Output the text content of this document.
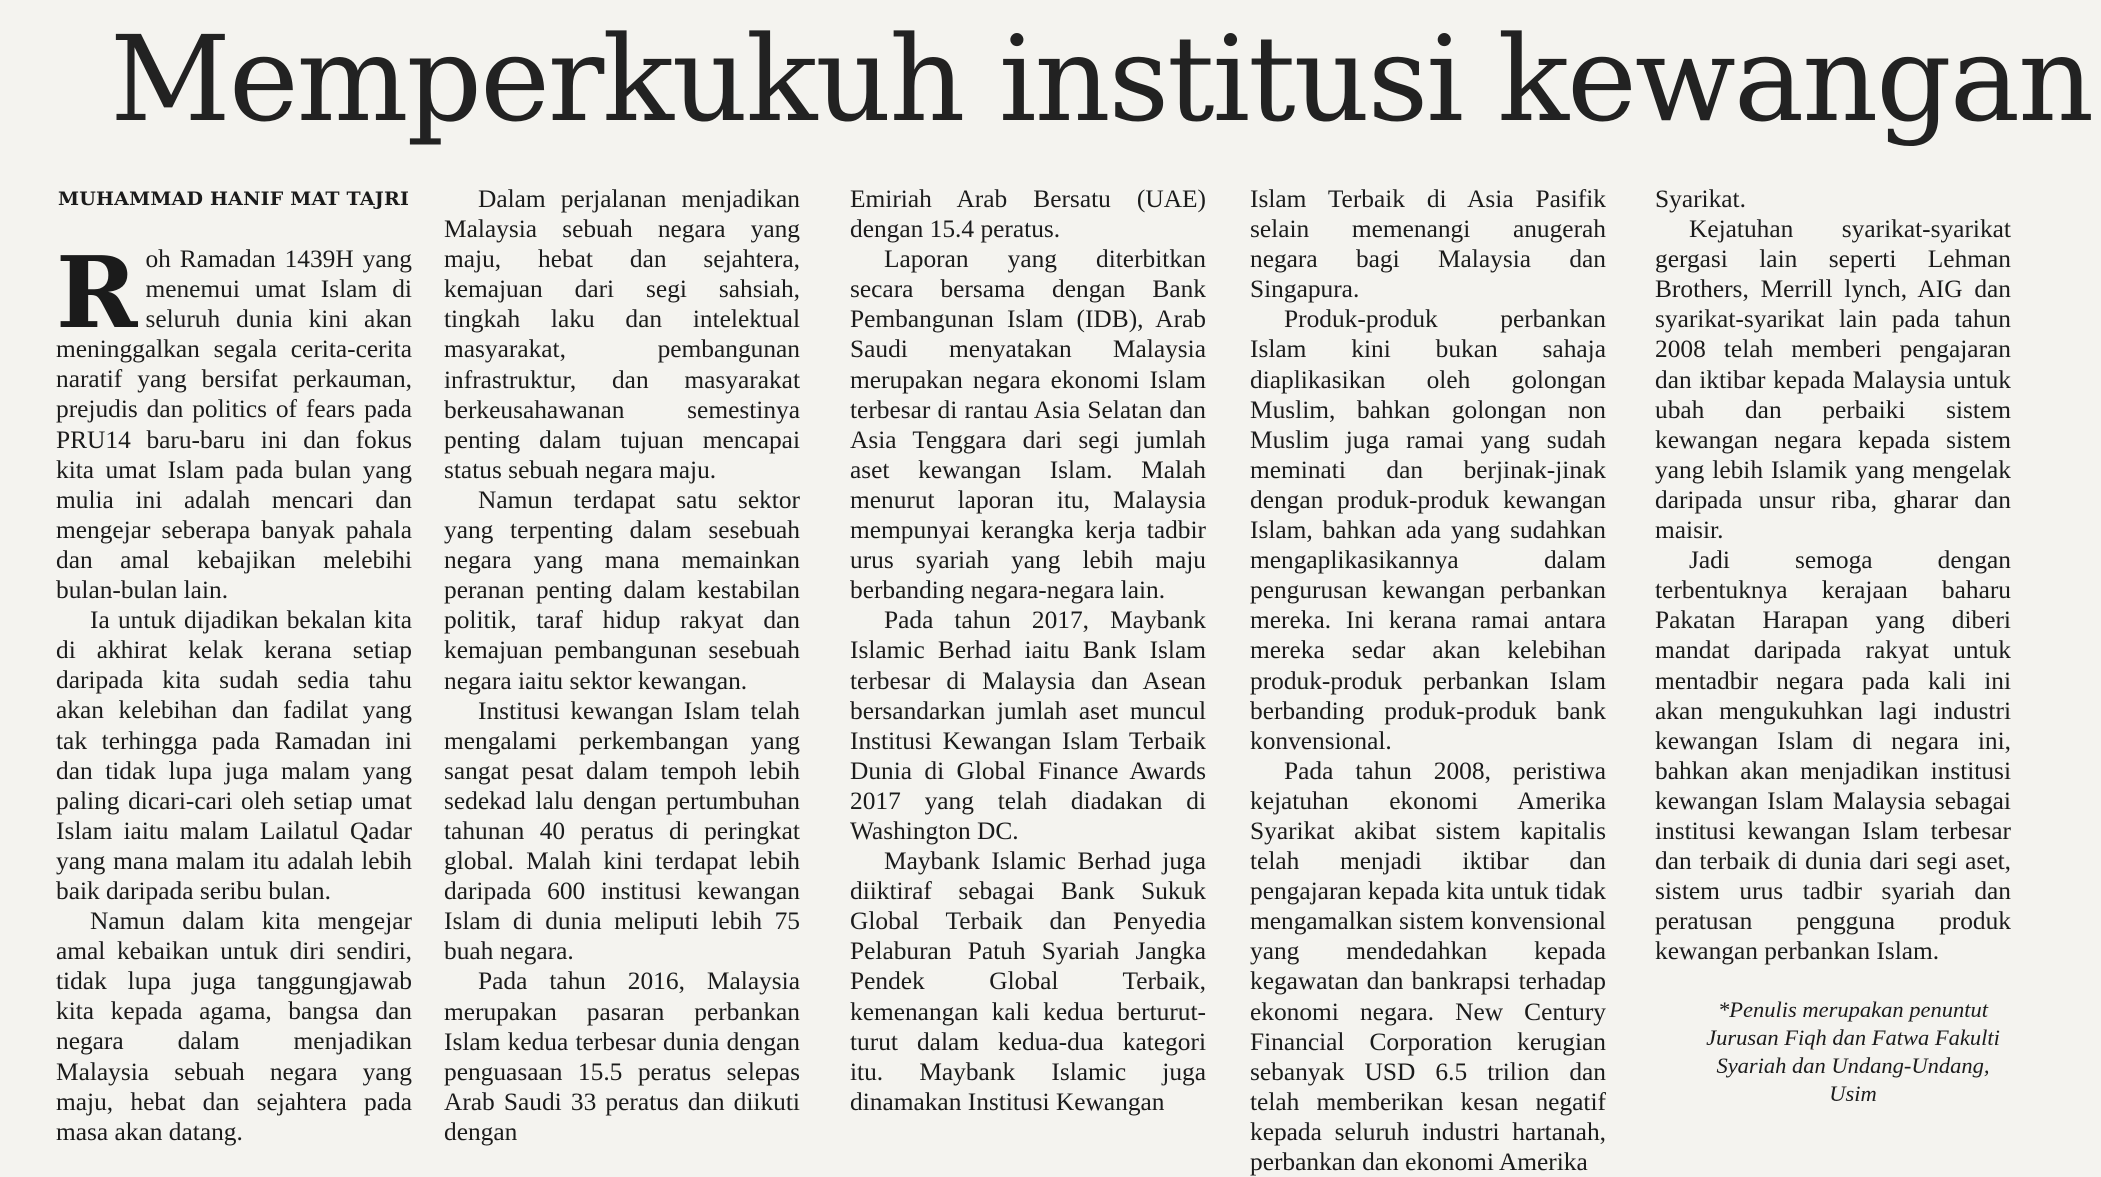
Memperkukuh institusi kewangan
MUHAMMAD HANIF MAT TAJRI

Roh Ramadan 1439H yang menemui umat Islam di seluruh dunia kini akan meninggalkan segala cerita-cerita naratif yang bersifat perkauman, prejudis dan politics of fears pada PRU14 baru-baru ini dan fokus kita umat Islam pada bulan yang mulia ini adalah mencari dan mengejar seberapa banyak pahala dan amal kebajikan melebihi bulan-bulan lain.

Ia untuk dijadikan bekalan kita di akhirat kelak kerana setiap daripada kita sudah sedia tahu akan kelebihan dan fadilat yang tak terhingga pada Ramadan ini dan tidak lupa juga malam yang paling dicari-cari oleh setiap umat Islam iaitu malam Lailatul Qadar yang mana malam itu adalah lebih baik daripada seribu bulan.

Namun dalam kita mengejar amal kebaikan untuk diri sendiri, tidak lupa juga tanggungjawab kita kepada agama, bangsa dan negara dalam menjadikan Malaysia sebuah negara yang maju, hebat dan sejahtera pada masa akan datang.

Dalam perjalanan menjadikan Malaysia sebuah negara yang maju, hebat dan sejahtera, kemajuan dari segi sahsiah, tingkah laku dan intelektual masyarakat, pembangunan infrastruktur, dan masyarakat berkeusahawanan semestinya penting dalam tujuan mencapai status sebuah negara maju.

Namun terdapat satu sektor yang terpenting dalam sesebuah negara yang mana memainkan peranan penting dalam kestabilan politik, taraf hidup rakyat dan kemajuan pembangunan sesebuah negara iaitu sektor kewangan.

Institusi kewangan Islam telah mengalami perkembangan yang sangat pesat dalam tempoh lebih sedekad lalu dengan pertumbuhan tahunan 40 peratus di peringkat global. Malah kini terdapat lebih daripada 600 institusi kewangan Islam di dunia meliputi lebih 75 buah negara.

Pada tahun 2016, Malaysia merupakan pasaran perbankan Islam kedua terbesar dunia dengan penguasaan 15.5 peratus selepas Arab Saudi 33 peratus dan diikuti dengan

Emiriah Arab Bersatu (UAE) dengan 15.4 peratus.

Laporan yang diterbitkan secara bersama dengan Bank Pembangunan Islam (IDB), Arab Saudi menyatakan Malaysia merupakan negara ekonomi Islam terbesar di rantau Asia Selatan dan Asia Tenggara dari segi jumlah aset kewangan Islam. Malah menurut laporan itu, Malaysia mempunyai kerangka kerja tadbir urus syariah yang lebih maju berbanding negara-negara lain.

Pada tahun 2017, Maybank Islamic Berhad iaitu Bank Islam terbesar di Malaysia dan Asean bersandarkan jumlah aset muncul Institusi Kewangan Islam Terbaik Dunia di Global Finance Awards 2017 yang telah diadakan di Washington DC.

Maybank Islamic Berhad juga diiktiraf sebagai Bank Sukuk Global Terbaik dan Penyedia Pelaburan Patuh Syariah Jangka Pendek Global Terbaik, kemenangan kali kedua berturut-turut dalam kedua-dua kategori itu. Maybank Islamic juga dinamakan Institusi Kewangan

Islam Terbaik di Asia Pasifik selain memenangi anugerah negara bagi Malaysia dan Singapura.

Produk-produk perbankan Islam kini bukan sahaja diaplikasikan oleh golongan Muslim, bahkan golongan non Muslim juga ramai yang sudah meminati dan berjinak-jinak dengan produk-produk kewangan Islam, bahkan ada yang sudahkan mengaplikasikannya dalam pengurusan kewangan perbankan mereka. Ini kerana ramai antara mereka sedar akan kelebihan produk-produk perbankan Islam berbanding produk-produk bank konvensional.

Pada tahun 2008, peristiwa kejatuhan ekonomi Amerika Syarikat akibat sistem kapitalis telah menjadi iktibar dan pengajaran kepada kita untuk tidak mengamalkan sistem konvensional yang mendedahkan kepada kegawatan dan bankrapsi terhadap ekonomi negara. New Century Financial Corporation kerugian sebanyak USD 6.5 trilion dan telah memberikan kesan negatif kepada seluruh industri hartanah, perbankan dan ekonomi Amerika

Syarikat.

Kejatuhan syarikat-syarikat gergasi lain seperti Lehman Brothers, Merrill lynch, AIG dan syarikat-syarikat lain pada tahun 2008 telah memberi pengajaran dan iktibar kepada Malaysia untuk ubah dan perbaiki sistem kewangan negara kepada sistem yang lebih Islamik yang mengelak daripada unsur riba, gharar dan maisir.

Jadi semoga dengan terbentuknya kerajaan baharu Pakatan Harapan yang diberi mandat daripada rakyat untuk mentadbir negara pada kali ini akan mengukuhkan lagi industri kewangan Islam di negara ini, bahkan akan menjadikan institusi kewangan Islam Malaysia sebagai institusi kewangan Islam terbesar dan terbaik di dunia dari segi aset, sistem urus tadbir syariah dan peratusan pengguna produk kewangan perbankan Islam.

*Penulis merupakan penuntut Jurusan Fiqh dan Fatwa Fakulti Syariah dan Undang-Undang, Usim
